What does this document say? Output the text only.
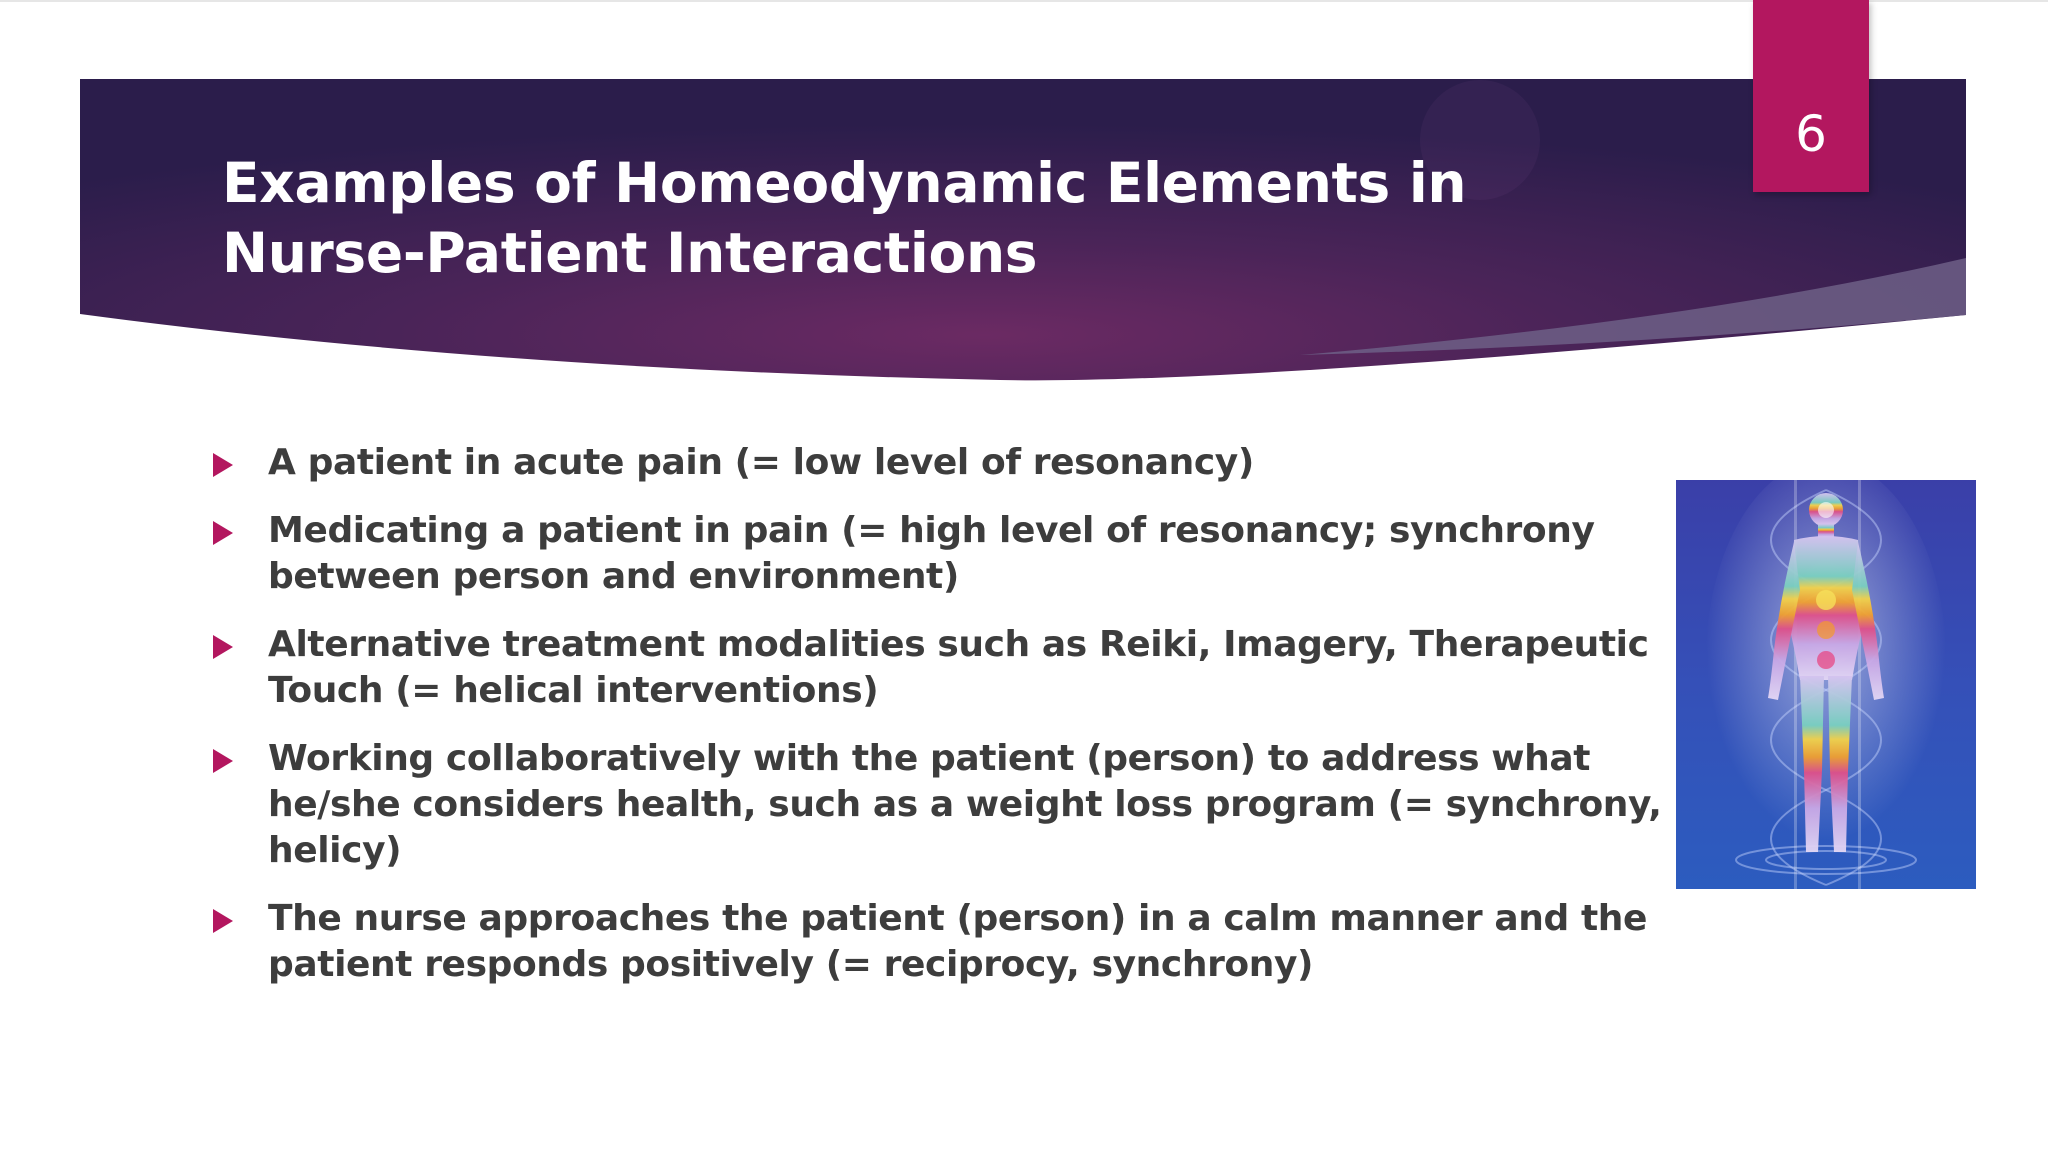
Examples of Homeodynamic Elements in Nurse-Patient Interactions
6
A patient in acute pain (= low level of resonancy)
Medicating a patient in pain (= high level of resonancy; synchrony between person and environment)
Alternative treatment modalities such as Reiki, Imagery, Therapeutic Touch (= helical interventions)
Working collaboratively with the patient (person) to address what he/she considers health, such as a weight loss program (= synchrony, helicy)
The nurse approaches the patient (person) in a calm manner and the patient responds positively (= reciprocy, synchrony)
